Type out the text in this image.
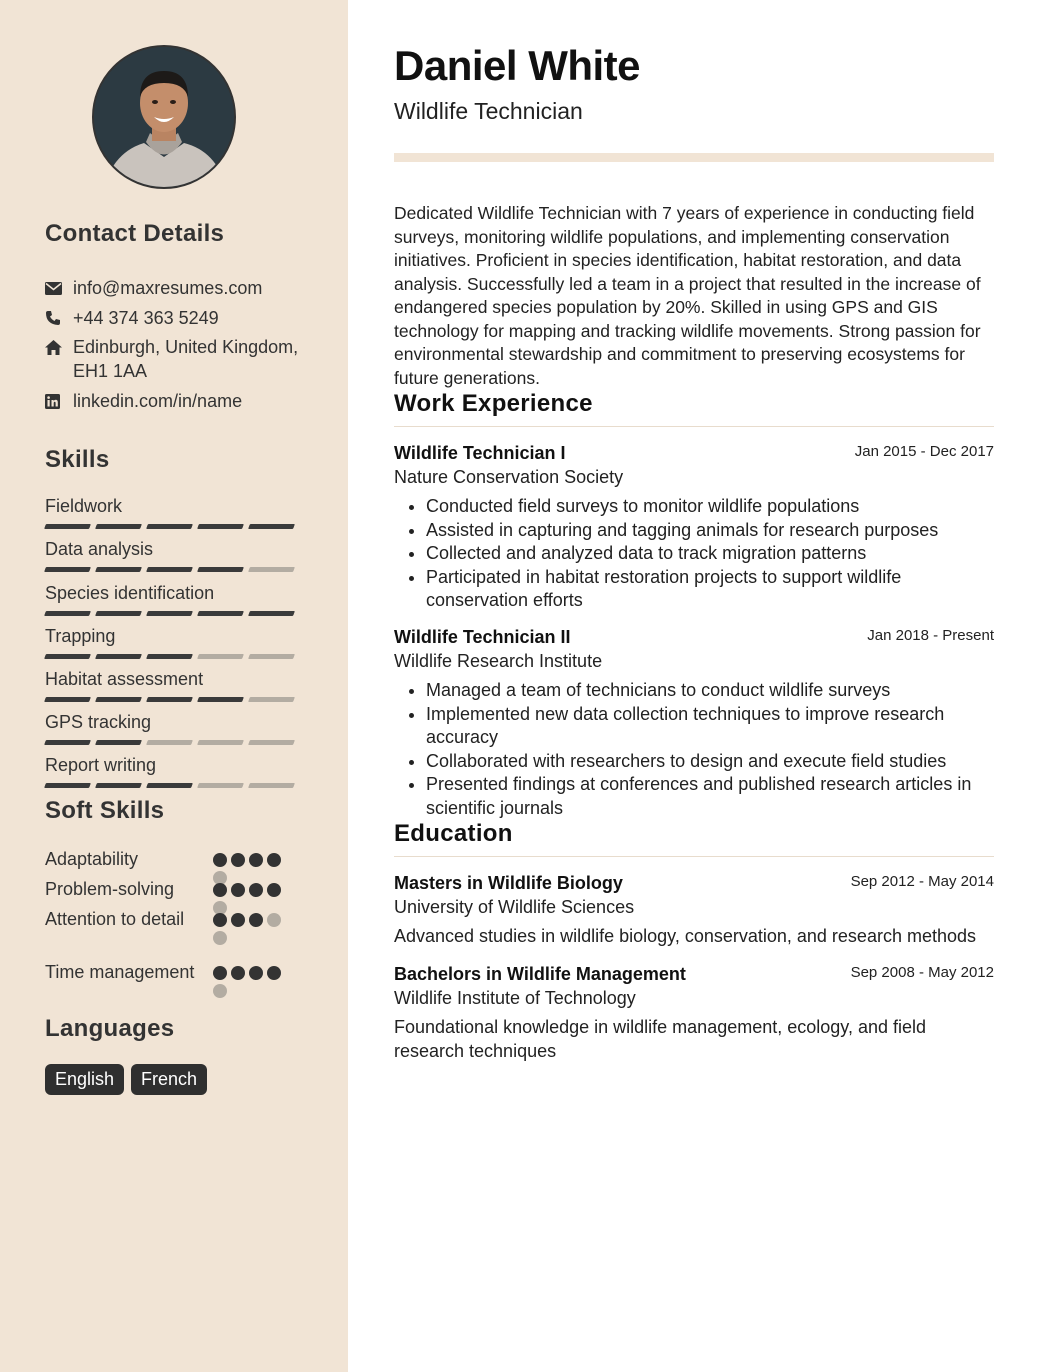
Contact Details
info@maxresumes.com
+44 374 363 5249
Edinburgh, United Kingdom, EH1 1AA
linkedin.com/in/name
Skills
Fieldwork
Data analysis
Species identification
Trapping
Habitat assessment
GPS tracking
Report writing
Soft Skills
Adaptability
Problem-solving
Attention to detail
Time management
Languages
English	French
Daniel White
Wildlife Technician

Dedicated Wildlife Technician with 7 years of experience in conducting field surveys, monitoring wildlife populations, and implementing conservation initiatives. Proficient in species identification, habitat restoration, and data analysis. Successfully led a team in a project that resulted in the increase of endangered species population by 20%. Skilled in using GPS and GIS technology for mapping and tracking wildlife movements. Strong passion for environmental stewardship and commitment to preserving ecosystems for future generations.

Work Experience
Wildlife Technician I	Jan 2015 - Dec 2017
Nature Conservation Society
• Conducted field surveys to monitor wildlife populations
• Assisted in capturing and tagging animals for research purposes
• Collected and analyzed data to track migration patterns
• Participated in habitat restoration projects to support wildlife conservation efforts
Wildlife Technician II	Jan 2018 - Present
Wildlife Research Institute
• Managed a team of technicians to conduct wildlife surveys
• Implemented new data collection techniques to improve research accuracy
• Collaborated with researchers to design and execute field studies
• Presented findings at conferences and published research articles in scientific journals
Education
Masters in Wildlife Biology	Sep 2012 - May 2014
University of Wildlife Sciences
Advanced studies in wildlife biology, conservation, and research methods
Bachelors in Wildlife Management	Sep 2008 - May 2012
Wildlife Institute of Technology
Foundational knowledge in wildlife management, ecology, and field research techniques
